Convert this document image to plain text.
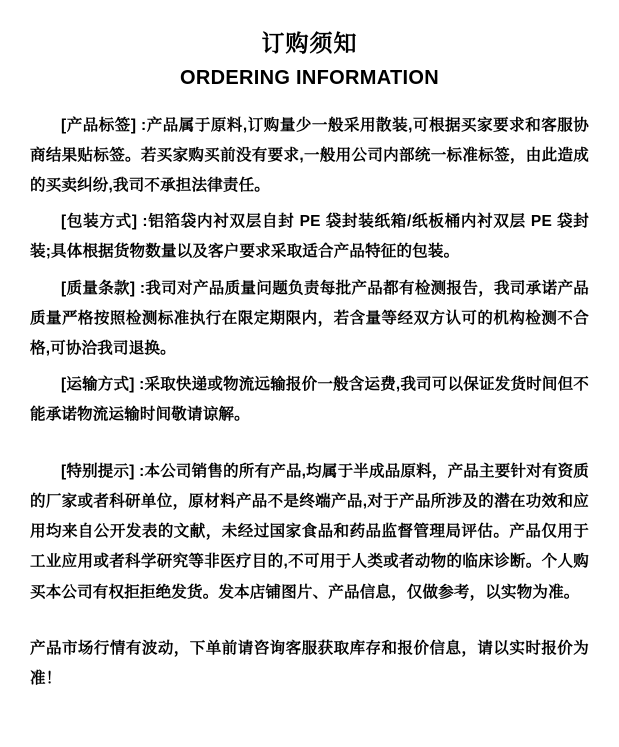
订购须知
ORDERING INFORMATION

[产品标签] :产品属于原料,订购量少一般采用散装,可根据买家要求和客服协商结果贴标签。若买家购买前没有要求,一般用公司内部统一标准标签，由此造成的买卖纠纷,我司不承担法律责任。

[包装方式] :铝箔袋内衬双层自封 PE 袋封装纸箱/纸板桶内衬双层 PE 袋封装;具体根据货物数量以及客户要求采取适合产品特征的包装。

[质量条款] :我司对产品质量问题负责每批产品都有检测报告，我司承诺产品质量严格按照检测标准执行在限定期限内，若含量等经双方认可的机构检测不合格,可协洽我司退换。

[运输方式] :采取快递或物流远输报价一般含运费,我司可以保证发货时间但不能承诺物流运输时间敬请谅解。

[特别提示] :本公司销售的所有产品,均属于半成品原料，产品主要针对有资质的厂家或者科研单位，原材料产品不是终端产品,对于产品所涉及的潜在功效和应用均来自公开发表的文献，未经过国家食品和药品监督管理局评估。产品仅用于工业应用或者科学研究等非医疗目的,不可用于人类或者动物的临床诊断。个人购买本公司有权拒拒绝发货。发本店铺图片、产品信息，仅做参考，以实物为准。

产品市场行情有波动，下单前请咨询客服获取库存和报价信息，请以实时报价为准！
